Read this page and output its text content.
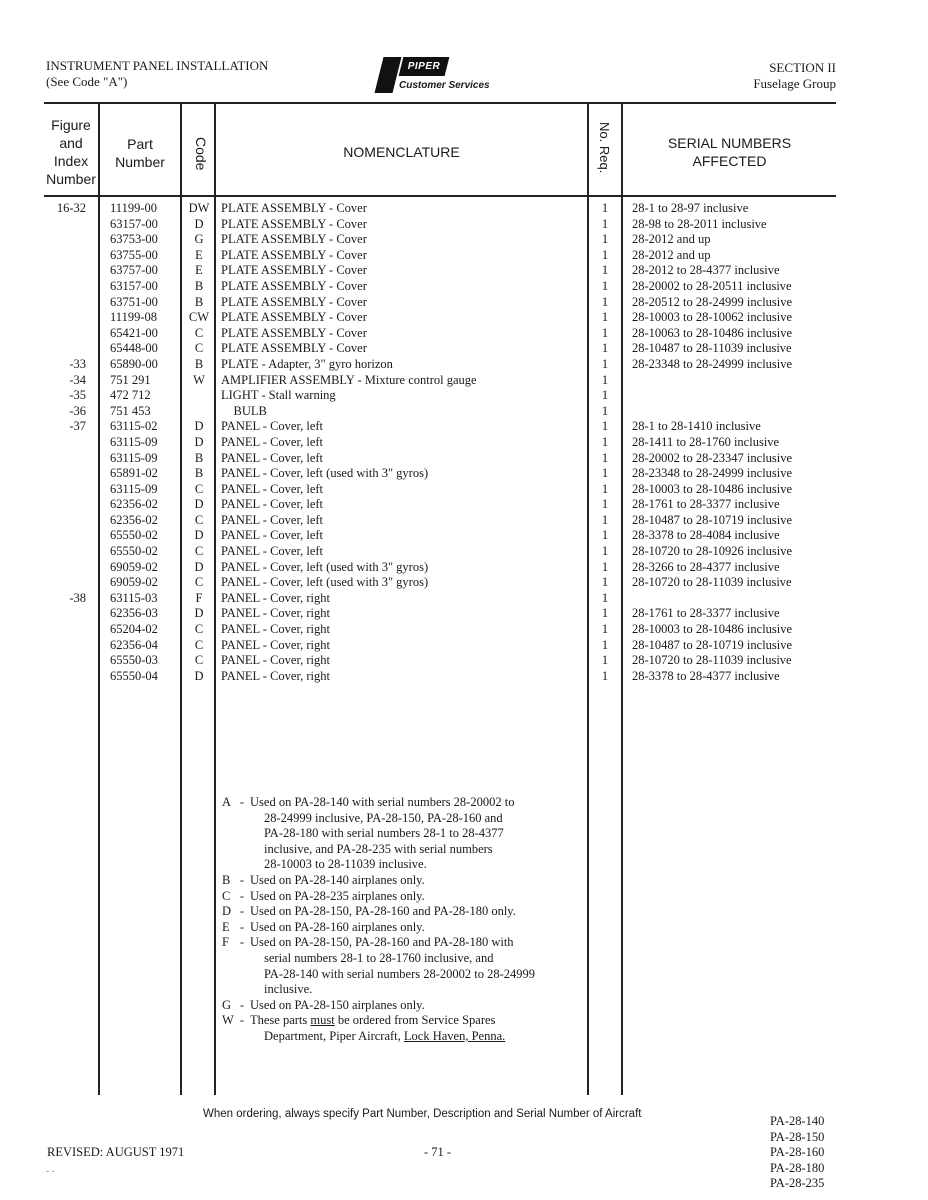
INSTRUMENT PANEL INSTALLATION
(See Code "A")
PIPER
Customer Services
SECTION II
Fuselage Group
Figure
and
Index
Number
Part
Number	Code	NOMENCLATURE	No. Req.	SERIAL NUMBERS
AFFECTED
16-32 11199-00	DW PLATE ASSEMBLY - Cover	1	28-1 to 28-97 inclusive
63157-00	D	PLATE ASSEMBLY - Cover	1	28-98 to 28-2011 inclusive
63753-00	G	PLATE ASSEMBLY - Cover	1	28-2012 and up
63755-00	E	PLATE ASSEMBLY - Cover	1	28-2012 and up
63757-00	E	PLATE ASSEMBLY - Cover	1	28-2012 to 28-4377 inclusive
63157-00	B	PLATE ASSEMBLY - Cover	1	28-20002 to 28-20511 inclusive
63751-00	B	PLATE ASSEMBLY - Cover	1	28-20512 to 28-24999 inclusive
11199-08	CW PLATE ASSEMBLY - Cover	1	28-10003 to 28-10062 inclusive
65421-00	C	PLATE ASSEMBLY - Cover	1	28-10063 to 28-10486 inclusive
65448-00	C	PLATE ASSEMBLY - Cover	1	28-10487 to 28-11039 inclusive
-33 65890-00	B	PLATE - Adapter, 3" gyro horizon	1	28-23348 to 28-24999 inclusive
-34 751 291	W	AMPLIFIER ASSEMBLY - Mixture control gauge	1
-35 472 712	LIGHT - Stall warning	1
-36 751 453	BULB	1
-37 63115-02	D	PANEL - Cover, left	1	28-1 to 28-1410 inclusive
63115-09	D	PANEL - Cover, left	1	28-1411 to 28-1760 inclusive
63115-09	B	PANEL - Cover, left	1	28-20002 to 28-23347 inclusive
65891-02	B	PANEL - Cover, left (used with 3" gyros)	1	28-23348 to 28-24999 inclusive
63115-09	C	PANEL - Cover, left	1	28-10003 to 28-10486 inclusive
62356-02	D	PANEL - Cover, left	1	28-1761 to 28-3377 inclusive
62356-02	C	PANEL - Cover, left	1	28-10487 to 28-10719 inclusive
65550-02	D	PANEL - Cover, left	1	28-3378 to 28-4084 inclusive
65550-02	C	PANEL - Cover, left	1	28-10720 to 28-10926 inclusive
69059-02	D	PANEL - Cover, left (used with 3" gyros)	1	28-3266 to 28-4377 inclusive
69059-02	C	PANEL - Cover, left (used with 3" gyros)	1	28-10720 to 28-11039 inclusive
-38 63115-03	F	PANEL - Cover, right	1
62356-03	D	PANEL - Cover, right	1	28-1761 to 28-3377 inclusive
65204-02	C	PANEL - Cover, right	1	28-10003 to 28-10486 inclusive
62356-04	C	PANEL - Cover, right	1	28-10487 to 28-10719 inclusive
65550-03	C	PANEL - Cover, right	1	28-10720 to 28-11039 inclusive
65550-04	D	PANEL - Cover, right	1	28-3378 to 28-4377 inclusive
A - Used on PA-28-140 with serial numbers 28-20002 to
28-24999 inclusive, PA-28-150, PA-28-160 and
PA-28-180 with serial numbers 28-1 to 28-4377
inclusive, and PA-28-235 with serial numbers
28-10003 to 28-11039 inclusive.
B - Used on PA-28-140 airplanes only.
C - Used on PA-28-235 airplanes only.
D - Used on PA-28-150, PA-28-160 and PA-28-180 only.
E - Used on PA-28-160 airplanes only.
F - Used on PA-28-150, PA-28-160 and PA-28-180 with
serial numbers 28-1 to 28-1760 inclusive, and
PA-28-140 with serial numbers 28-20002 to 28-24999
inclusive.
G - Used on PA-28-150 airplanes only.
W - These parts must be ordered from Service Spares
Department, Piper Aircraft, Lock Haven, Penna.
When ordering, always specify Part Number, Description and Serial Number of Aircraft
REVISED: AUGUST 1971	- 71 -
PA-28-140
PA-28-150
PA-28-160
PA-28-180
PA-28-235
- -
